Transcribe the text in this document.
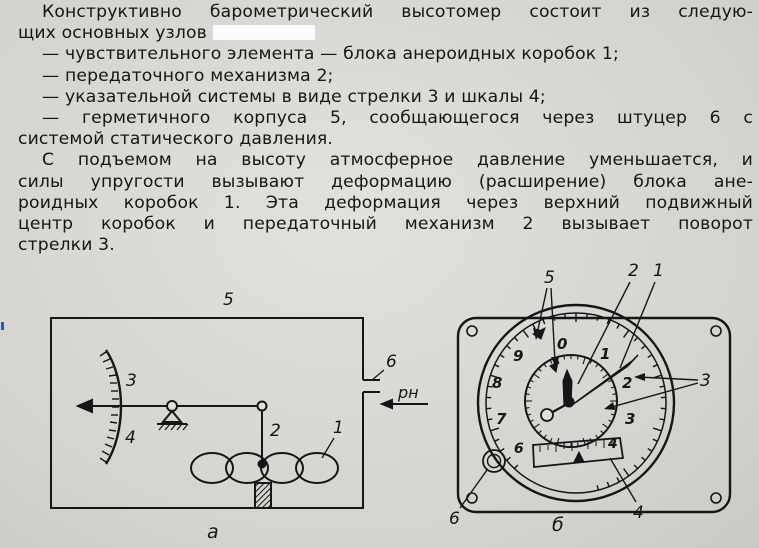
Конструктивно барометрический высотомер состоит из следую-
щих основных узлов
— чувствительного элемента — блока анероидных коробок 1;
— передаточного механизма 2;
— указательной системы в виде стрелки 3 и шкалы 4;
— герметичного корпуса 5, сообщающегося через штуцер 6 с
системой статического давления.
С подъемом на высоту атмосферное давление уменьшается, и
силы упругости вызывают деформацию (расширение) блока ане-
роидных коробок 1. Эта деформация через верхний подвижный
центр коробок и передаточный механизм 2 вызывает поворот
стрелки 3.
5
6
pн
3
4	2	1
а
0
1
2
3
7
8
9
6	4
5	2 1
3
6	4
б
